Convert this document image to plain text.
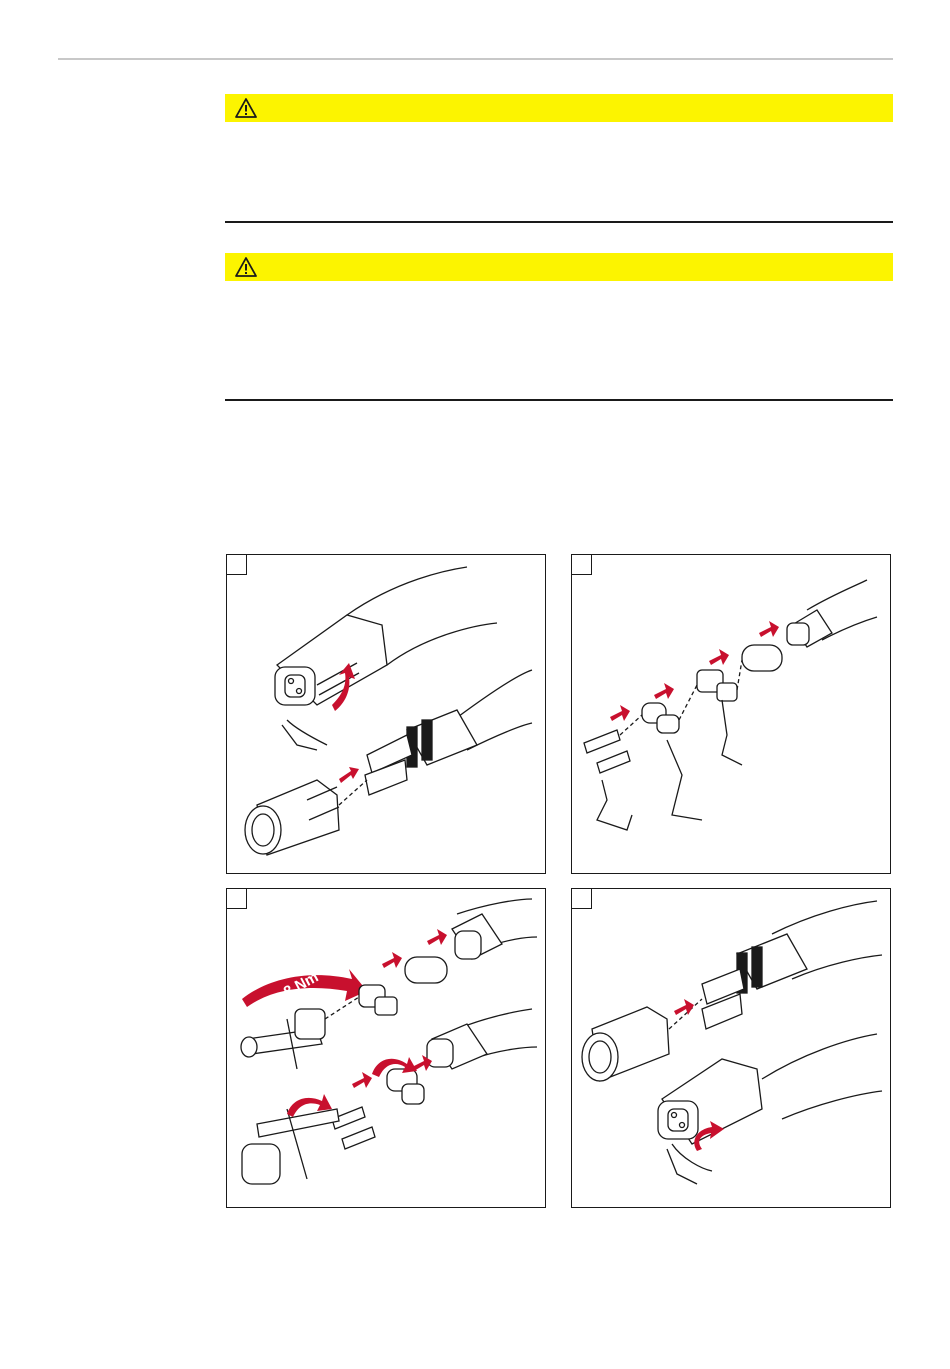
8 Nm
